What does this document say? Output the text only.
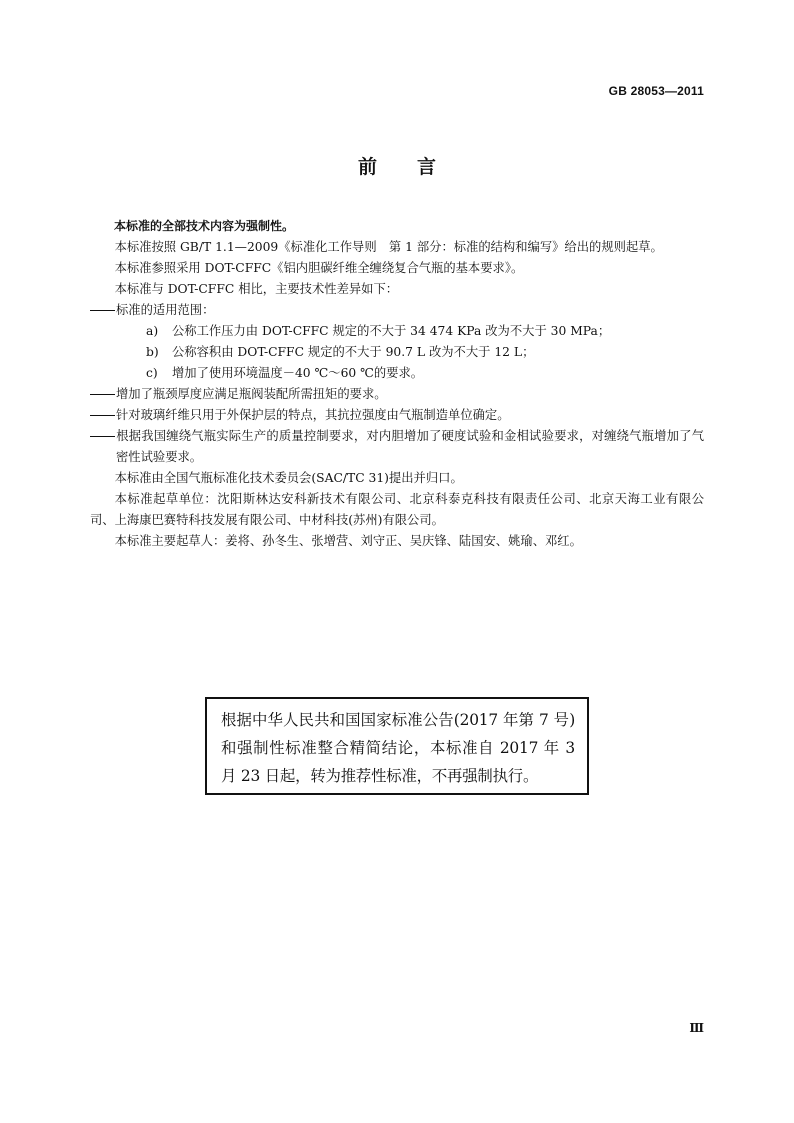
GB 28053—2011
前言

本标准的全部技术内容为强制性。

本标准按照 GB/T 1.1—2009《标准化工作导则　第 1 部分：标准的结构和编写》给出的规则起草。

本标准参照采用 DOT-CFFC《铝内胆碳纤维全缠绕复合气瓶的基本要求》。

本标准与 DOT-CFFC 相比，主要技术性差异如下：

标准的适用范围：

a) 公称工作压力由 DOT-CFFC 规定的不大于 34 474 KPa 改为不大于 30 MPa；

b) 公称容积由 DOT-CFFC 规定的不大于 90.7 L 改为不大于 12 L；

c) 增加了使用环境温度－40 ℃～60 ℃的要求。

增加了瓶颈厚度应满足瓶阀装配所需扭矩的要求。

针对玻璃纤维只用于外保护层的特点，其抗拉强度由气瓶制造单位确定。

根据我国缠绕气瓶实际生产的质量控制要求，对内胆增加了硬度试验和金相试验要求，对缠绕气瓶增加了气密性试验要求。

本标准由全国气瓶标准化技术委员会(SAC/TC 31)提出并归口。

本标准起草单位：沈阳斯林达安科新技术有限公司、北京科泰克科技有限责任公司、北京天海工业有限公司、上海康巴赛特科技发展有限公司、中材科技(苏州)有限公司。

本标准主要起草人：姜将、孙冬生、张增营、刘守正、吴庆锋、陆国安、姚瑜、邓红。

根据中华人民共和国国家标准公告(2017 年第 7 号)和强制性标准整合精简结论，本标准自 2017 年 3 月 23 日起，转为推荐性标准，不再强制执行。
Ⅲ
